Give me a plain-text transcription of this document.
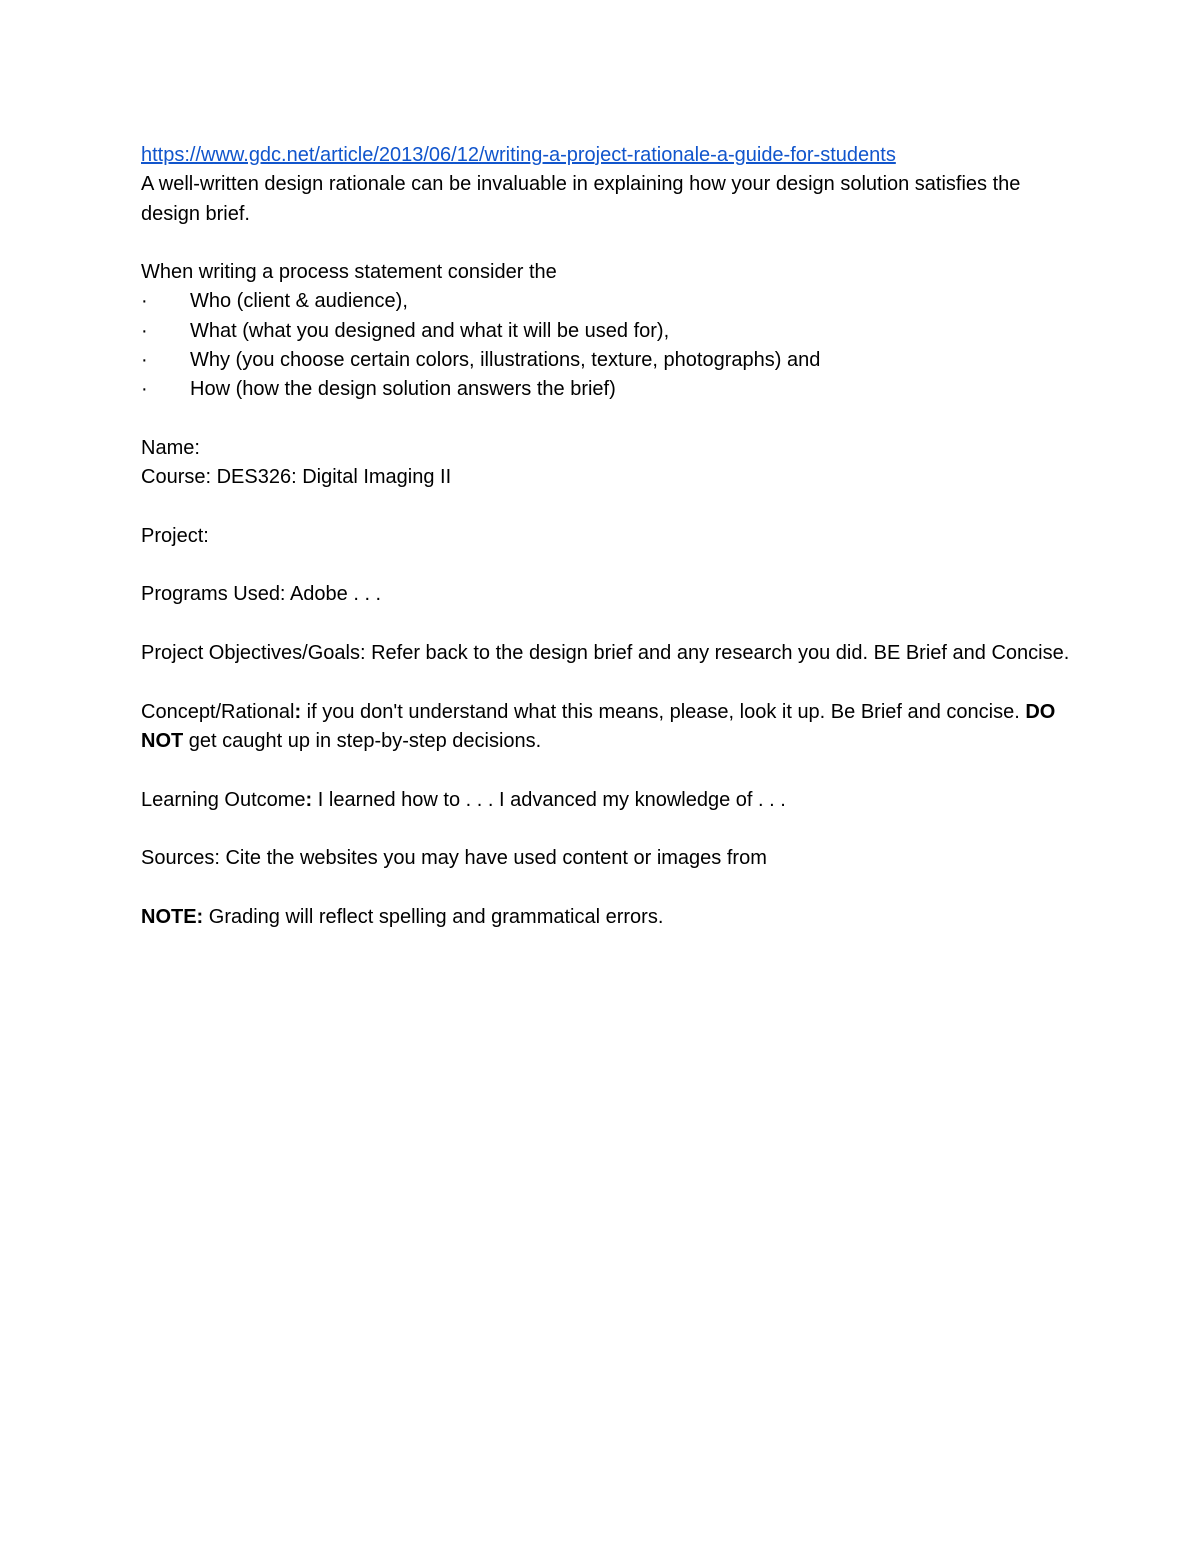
https://www.gdc.net/article/2013/06/12/writing-a-project-rationale-a-guide-for-students
A well-written design rationale can be invaluable in explaining how your design solution satisfies the design brief.
When writing a process statement consider the
·	Who (client & audience),
·	What (what you designed and what it will be used for),
·	Why (you choose certain colors, illustrations, texture, photographs) and
·	How (how the design solution answers the brief)
Name:
Course: DES326: Digital Imaging II
Project:
Programs Used: Adobe . . .
Project Objectives/Goals: Refer back to the design brief and any research you did. BE Brief and Concise.
Concept/Rational: if you don't understand what this means, please, look it up. Be Brief and concise. DO NOT get caught up in step-by-step decisions.
Learning Outcome: I learned how to . . . I advanced my knowledge of . . .
Sources: Cite the websites you may have used content or images from
NOTE: Grading will reflect spelling and grammatical errors.
